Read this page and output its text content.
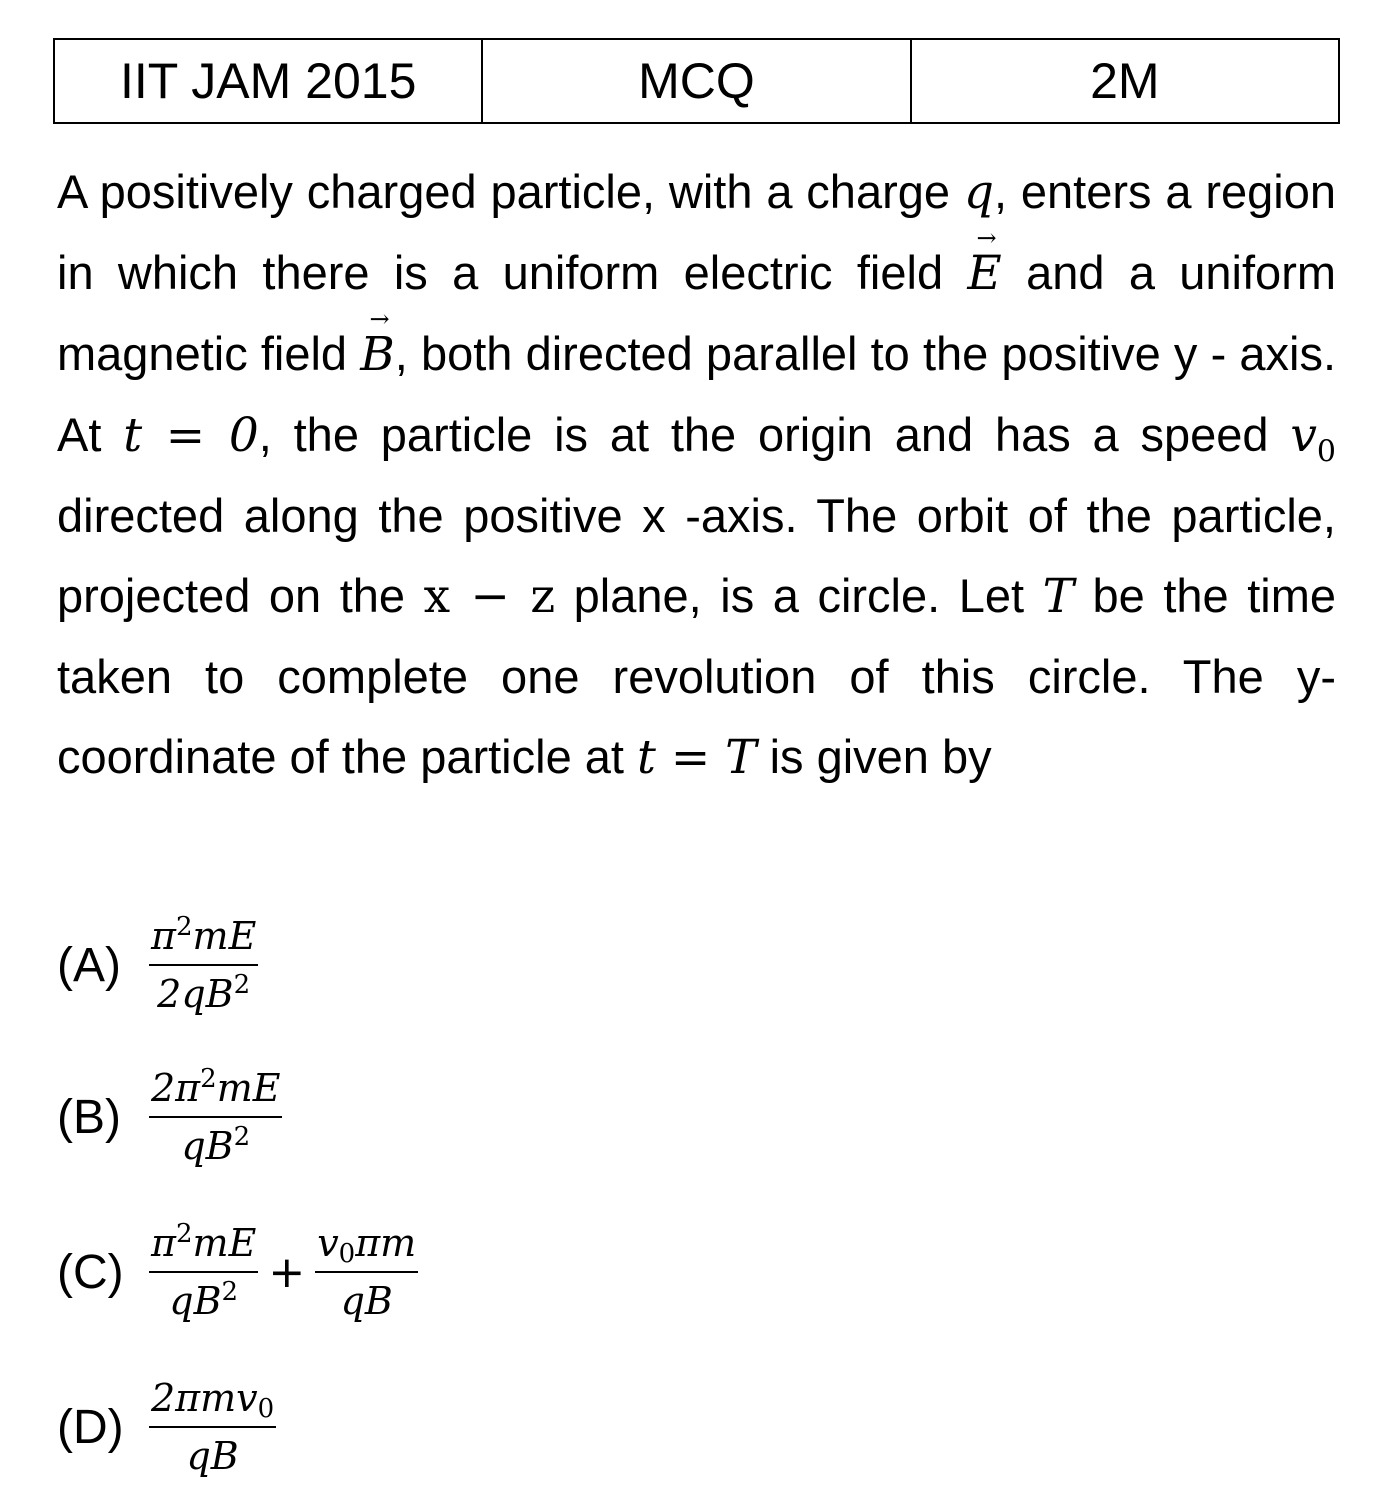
IIT JAM 2015	MCQ	2M

A positively charged particle, with a charge q, enters a region in which there is a uniform electric field
→
E and a uniform magnetic field
→
B, both directed parallel to the positive y - axis. At t = 0, the particle is at the origin and has a speed $v_0$ directed along the positive x -axis. The orbit of the particle, projected on the x − z plane, is a circle. Let T be the time taken to complete one revolution of this circle. The y-coordinate of the particle at t = T is given by

$(A) \frac{\pi^2mE}{2qB^2}$
$(B) \frac{2\pi^2mE}{qB^2}$
$(C) \frac{\pi^2mE}{qB^2} + \frac{v_0\pi m}{qB}$
$(D) \frac{2\pi mv_0}{qB}$
